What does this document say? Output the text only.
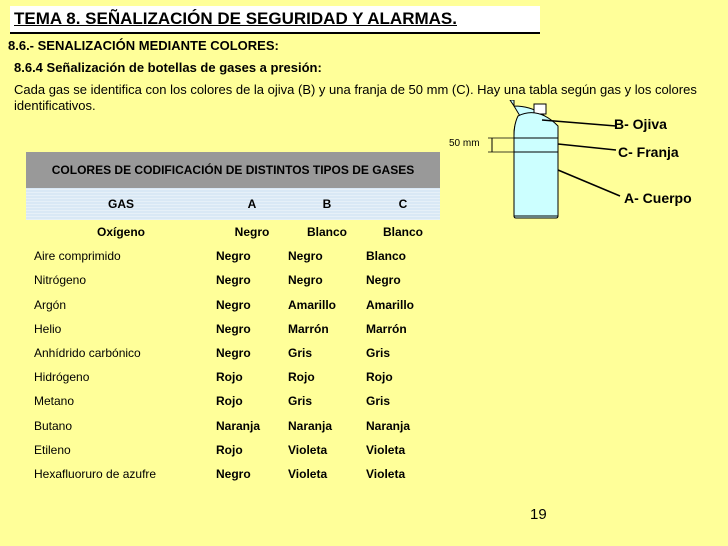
TEMA 8. SEÑALIZACIÓN DE SEGURIDAD Y ALARMAS.
8.6.- SENALIZACIÓN MEDIANTE COLORES:
8.6.4 Señalización de botellas de gases a presión:
Cada gas se identifica con los colores de la ojiva (B) y una franja de 50 mm (C). Hay una tabla según gas y los colores identificativos.
COLORES DE CODIFICACIÓN DE DISTINTOS TIPOS DE GASES
GAS	A	B	C
Oxígeno	Negro	Blanco	Blanco
Aire comprimido	Negro	Negro	Blanco
Nitrógeno	Negro	Negro	Negro
Argón	Negro	Amarillo	Amarillo
Helio	Negro	Marrón	Marrón
Anhídrido carbónico	Negro	Gris	Gris
Hidrógeno	Rojo	Rojo	Rojo
Metano	Rojo	Gris	Gris
Butano	Naranja	Naranja	Naranja
Etileno	Rojo	Violeta	Violeta
Hexafluoruro de azufre	Negro	Violeta	Violeta
50 mm
B- Ojiva
C- Franja
A- Cuerpo
19
